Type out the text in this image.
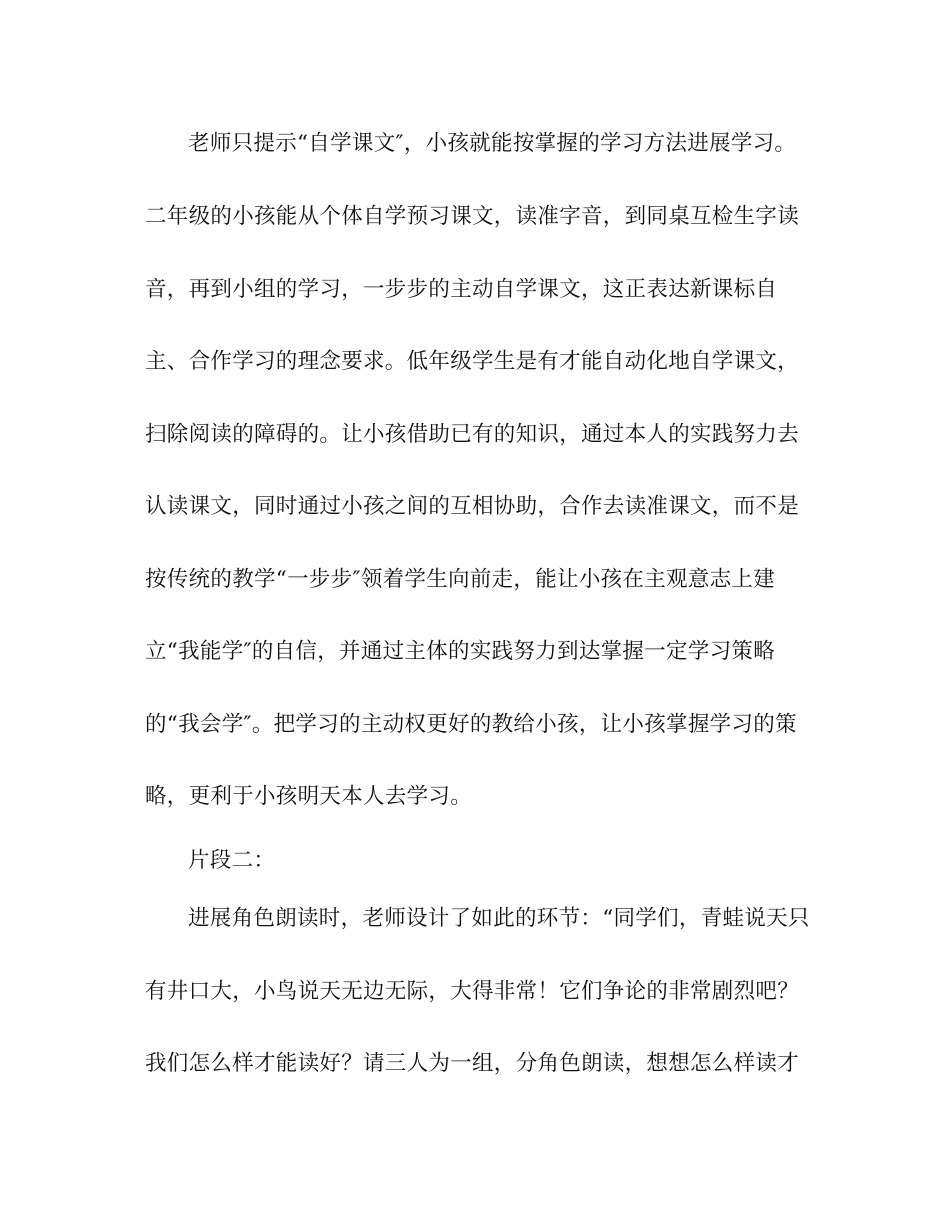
老师只提示“自学课文″，小孩就能按掌握的学习方法进展学习。
二年级的小孩能从个体自学预习课文，读准字音，到同桌互检生字读
音，再到小组的学习，一步步的主动自学课文，这正表达新课标自
主、合作学习的理念要求。低年级学生是有才能自动化地自学课文，
扫除阅读的障碍的。让小孩借助已有的知识，通过本人的实践努力去
认读课文，同时通过小孩之间的互相协助，合作去读准课文，而不是
按传统的教学“一步步″领着学生向前走，能让小孩在主观意志上建
立“我能学″的自信，并通过主体的实践努力到达掌握一定学习策略
的“我会学″。把学习的主动权更好的教给小孩，让小孩掌握学习的策
略，更利于小孩明天本人去学习。
片段二：
进展角色朗读时，老师设计了如此的环节：“同学们，青蛙说天只
有井口大，小鸟说天无边无际，大得非常！它们争论的非常剧烈吧？
我们怎么样才能读好？请三人为一组，分角色朗读，想想怎么样读才
